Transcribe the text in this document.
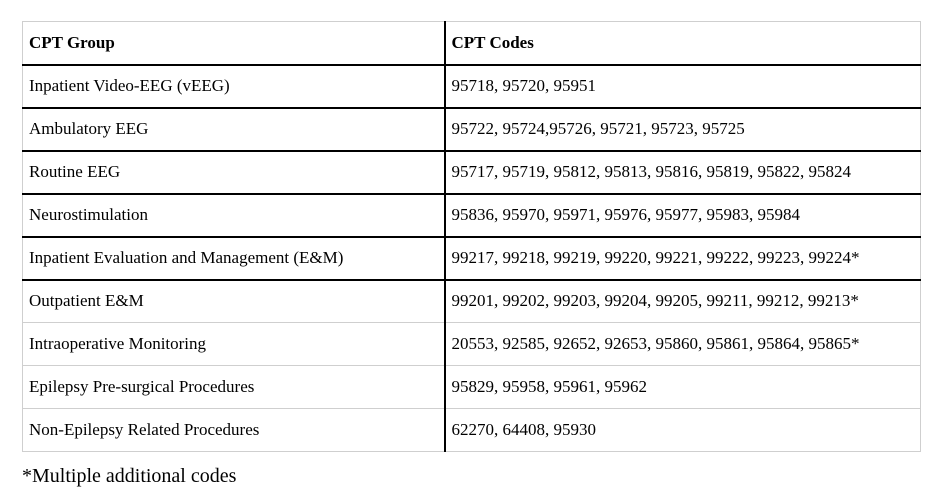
CPT Group	CPT Codes
Inpatient Video-EEG (vEEG)	95718, 95720, 95951
Ambulatory EEG	95722, 95724,95726, 95721, 95723, 95725
Routine EEG	95717, 95719, 95812, 95813, 95816, 95819, 95822, 95824
Neurostimulation	95836, 95970, 95971, 95976, 95977, 95983, 95984
Inpatient Evaluation and Management (E&M)	99217, 99218, 99219, 99220, 99221, 99222, 99223, 99224*
Outpatient E&M	99201, 99202, 99203, 99204, 99205, 99211, 99212, 99213*
Intraoperative Monitoring	20553, 92585, 92652, 92653, 95860, 95861, 95864, 95865*
Epilepsy Pre-surgical Procedures	95829, 95958, 95961, 95962
Non-Epilepsy Related Procedures	62270, 64408, 95930
*Multiple additional codes
